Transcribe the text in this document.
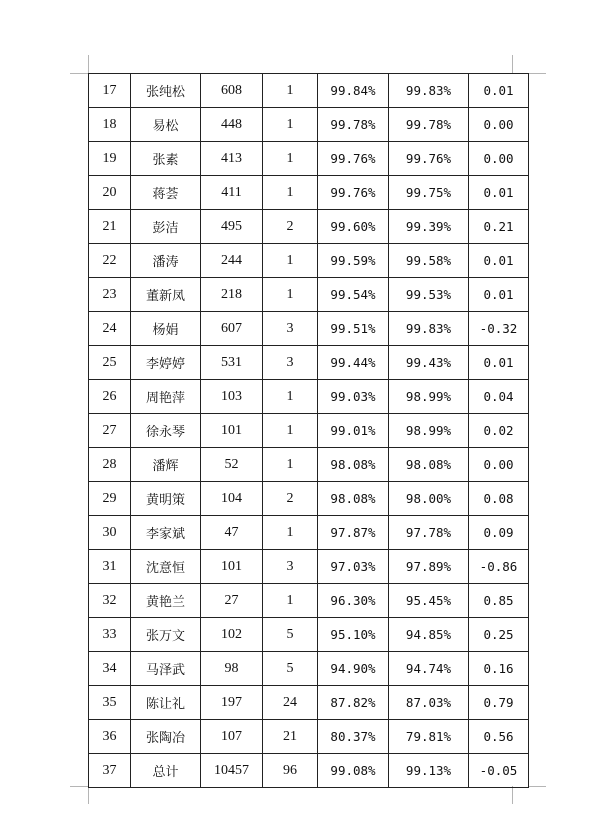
17	张纯松	608	1	99.84%	99.83%	0.01
18	易松	448	1	99.78%	99.78%	0.00
19	张素	413	1	99.76%	99.76%	0.00
20	蒋荟	411	1	99.76%	99.75%	0.01
21	彭洁	495	2	99.60%	99.39%	0.21
22	潘涛	244	1	99.59%	99.58%	0.01
23	董新凤	218	1	99.54%	99.53%	0.01
24	杨娟	607	3	99.51%	99.83%	-0.32
25	李婷婷	531	3	99.44%	99.43%	0.01
26	周艳萍	103	1	99.03%	98.99%	0.04
27	徐永琴	101	1	99.01%	98.99%	0.02
28	潘辉	52	1	98.08%	98.08%	0.00
29	黄明策	104	2	98.08%	98.00%	0.08
30	李家斌	47	1	97.87%	97.78%	0.09
31	沈意恒	101	3	97.03%	97.89%	-0.86
32	黄艳兰	27	1	96.30%	95.45%	0.85
33	张万文	102	5	95.10%	94.85%	0.25
34	马泽武	98	5	94.90%	94.74%	0.16
35	陈让礼	197	24	87.82%	87.03%	0.79
36	张陶冶	107	21	80.37%	79.81%	0.56
37	总计	10457	96	99.08%	99.13%	-0.05
